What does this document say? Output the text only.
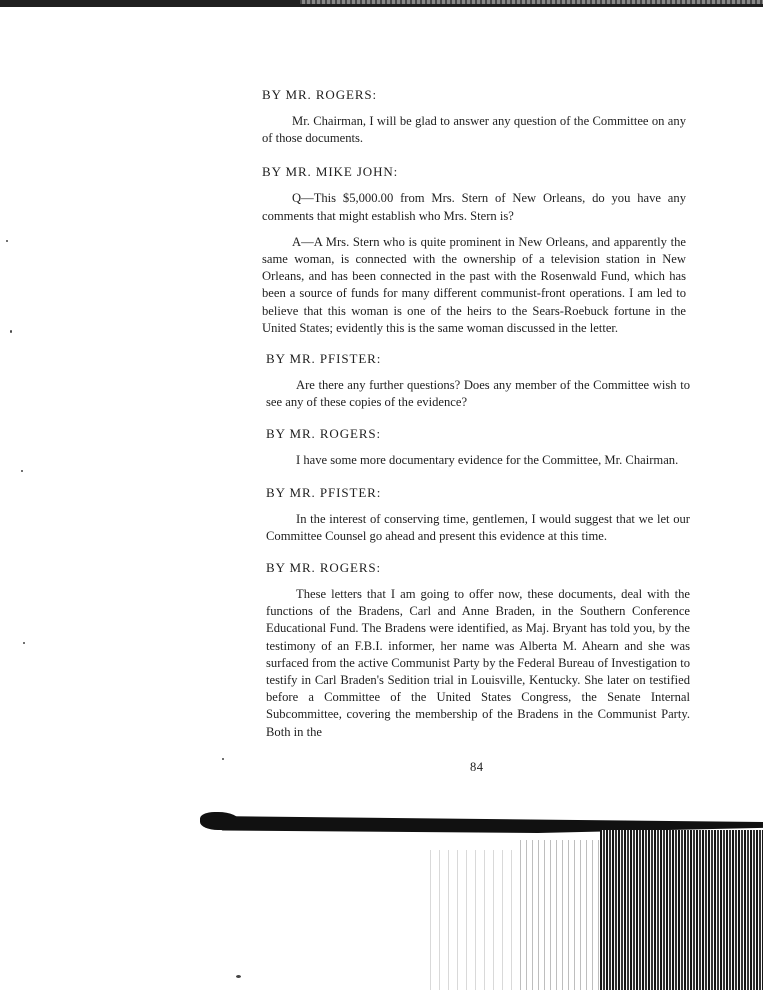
BY MR. ROGERS:

Mr. Chairman, I will be glad to answer any question of the Committee on any of those documents.

BY MR. MIKE JOHN:

Q—This $5,000.00 from Mrs. Stern of New Orleans, do you have any comments that might establish who Mrs. Stern is?

A—A Mrs. Stern who is quite prominent in New Orleans, and apparently the same woman, is connected with the ownership of a television station in New Orleans, and has been connected in the past with the Rosenwald Fund, which has been a source of funds for many different communist-front operations. I am led to believe that this woman is one of the heirs to the Sears-Roebuck fortune in the United States; evidently this is the same woman discussed in the letter.

BY MR. PFISTER:

Are there any further questions? Does any member of the Committee wish to see any of these copies of the evidence?

BY MR. ROGERS:

I have some more documentary evidence for the Committee, Mr. Chairman.

BY MR. PFISTER:

In the interest of conserving time, gentlemen, I would suggest that we let our Committee Counsel go ahead and present this evidence at this time.

BY MR. ROGERS:

These letters that I am going to offer now, these documents, deal with the functions of the Bradens, Carl and Anne Braden, in the Southern Conference Educational Fund. The Bradens were identified, as Maj. Bryant has told you, by the testimony of an F.B.I. informer, her name was Alberta M. Ahearn and she was surfaced from the active Communist Party by the Federal Bureau of Investigation to testify in Carl Braden's Sedition trial in Louisville, Kentucky. She later on testified before a Committee of the United States Congress, the Senate Internal Subcommittee, covering the membership of the Bradens in the Communist Party. Both in the

84
